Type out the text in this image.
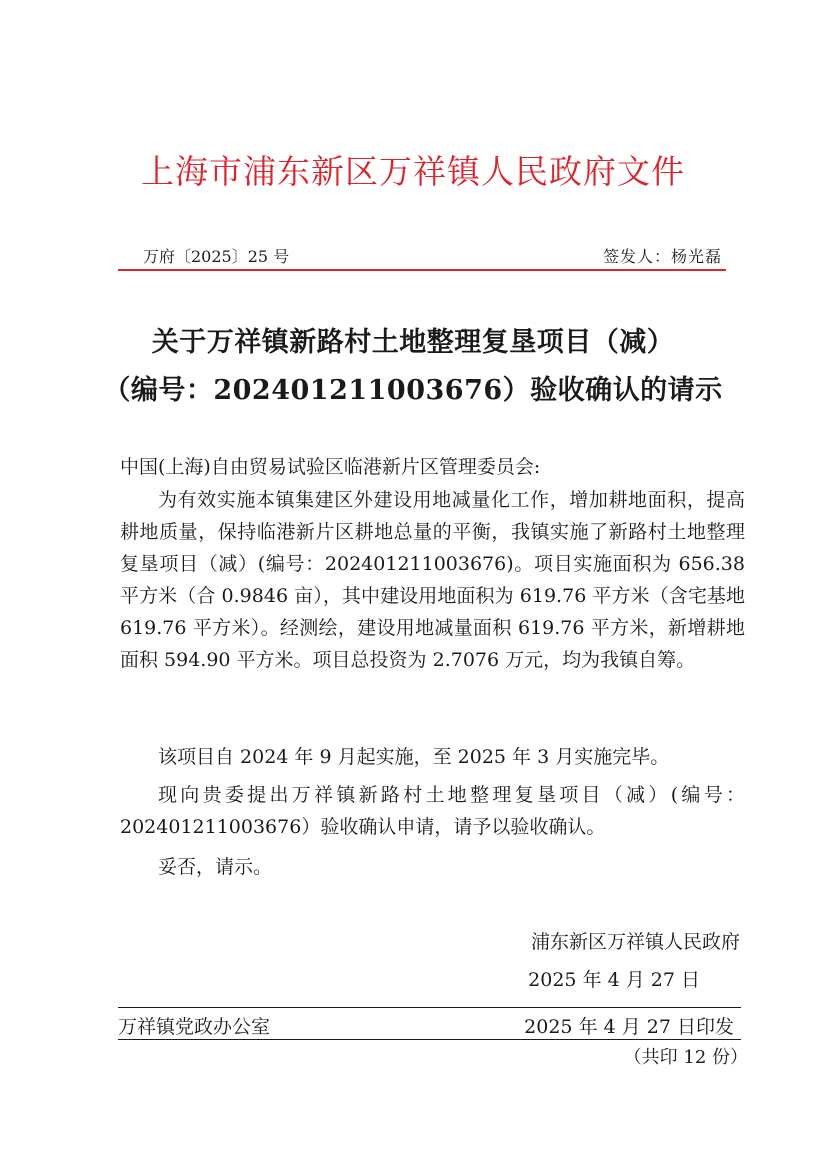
上海市浦东新区万祥镇人民政府文件
万府〔2025〕25 号	签发人：杨光磊
关于万祥镇新路村土地整理复垦项目（减）
（编号：202401211003676）验收确认的请示
中国(上海)自由贸易试验区临港新片区管理委员会:
为有效实施本镇集建区外建设用地减量化工作，增加耕地面积，提高耕地质量，保持临港新片区耕地总量的平衡，我镇实施了新路村土地整理复垦项目（减）(编号：202401211003676)。项目实施面积为 656.38 平方米（合 0.9846 亩），其中建设用地面积为 619.76 平方米（含宅基地 619.76 平方米）。经测绘，建设用地减量面积 619.76 平方米，新增耕地面积 594.90 平方米。项目总投资为 2.7076 万元，均为我镇自筹。
该项目自 2024 年 9 月起实施，至 2025 年 3 月实施完毕。
现向贵委提出万祥镇新路村土地整理复垦项目（减）(编号：202401211003676）验收确认申请，请予以验收确认。
妥否，请示。
浦东新区万祥镇人民政府
2025 年 4 月 27 日
万祥镇党政办公室	2025 年 4 月 27 日印发
（共印 12 份）
